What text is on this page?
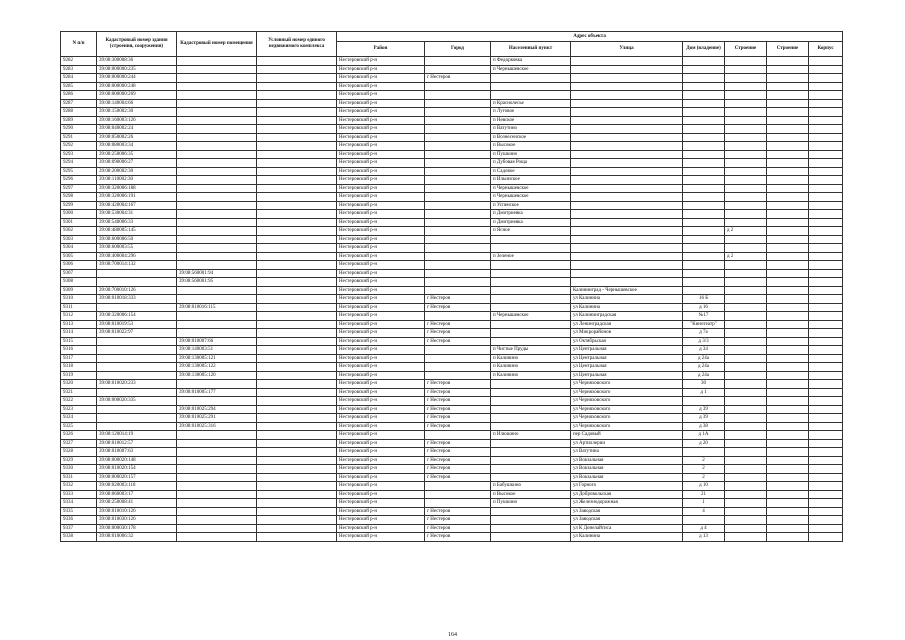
N п/п	Кадастровый номер здания (строения, сооружения)	Кадастровый номер помещения	Условный номер единого недвижимого комплекса	Адрес объекта							
				Район	Город	Населенный пункт	Улица	Дом (владение)	Строение	Строение	Корпус
9282	39:08:300008:36			Нестеровский р-н		п Федорковка					
9283	39:08:000000:235			Нестеровский р-н		п Чернышевское					
9284	39:08:000000:244			Нестеровский р-н	г Нестеров						
9285	39:08:000000:248			Нестеровский р-н							
9286	39:08:000000:269			Нестеровский р-н							
9287	39:08:140004:66			Нестеровский р-н		п Краснолесье					
9288	39:08:150002:30			Нестеровский р-н		п Луговое					
9289	39:08:160003:126			Нестеровский р-н		п Невское					
9290	39:08:040002:24			Нестеровский р-н		п Ватутино					
9291	39:08:050002:26			Нестеровский р-н		п Вознесенское					
9292	39:08:080003:34			Нестеровский р-н		п Высокое					
9293	39:08:250006:35			Нестеровский р-н		п Пушкино					
9294	39:08:090006:27			Нестеровский р-н		п Дубовая Роща					
9295	39:08:200002:30			Нестеровский р-н		п Садовое					
9296	39:08:110002:30			Нестеровский р-н		п Ильинское					
9297	39:08:320006:188			Нестеровский р-н		п Чернышевское					
9298	39:08:320006:191			Нестеровский р-н		п Чернышевское					
9299	39:08:420004:167			Нестеровский р-н		п Успенское					
9300	39:08:530004:31			Нестеровский р-н		п Дмитриевка					
9301	39:08:540006:33			Нестеровский р-н		п Дмитриевка					
9302	39:08:480005:145			Нестеровский р-н		п Ясное			д 2		
9303	39:08:600006:50			Нестеровский р-н							
9304	39:08:600003:55			Нестеровский р-н							
9305	39:08:400004:296			Нестеровский р-н		п Зеленое			д 2		
9306	39:08:700014:132			Нестеровский р-н							
9307		39:08:560001:94		Нестеровский р-н							
9308		39:08:560001:95		Нестеровский р-н							
9309	39:08:700010:126			Нестеровский р-н			Калининград - Чернышевское				
9310	39:08:010018:333			Нестеровский р-н	г Нестеров		ул Калинина	16 Б			
9311		39:08:010016:115		Нестеровский р-н	г Нестеров		ул Калинина	д 16			
9312	39:08:320006:154			Нестеровский р-н		п Чернышевское	ул Калининградская	№17			
9313	39:08:010019:53			Нестеровский р-н	г Нестеров		ул Ленинградская	"Кинотеатр"			
9314	39:08:010022:97			Нестеровский р-н	г Нестеров		ул Микрорайонов	д 7а			
9315		39:08:010007:66		Нестеровский р-н	г Нестеров		ул Октябрьская	д 3/3			
9316		39:08:140003:51		Нестеровский р-н		п Чистые Пруды	ул Центральная	д 34			
9317		39:08:130005:121		Нестеровский р-н		п Калинино	ул Центральная	д 24а			
9318		39:08:130005:122		Нестеровский р-н		п Калинино	ул Центральная	д 24а			
9319		39:08:130005:120		Нестеровский р-н		п Калинино	ул Центральная	д 24а			
9320	39:08:010020:233			Нестеровский р-н	г Нестеров		ул Черняховского	30			
9321		39:08:010005:177		Нестеровский р-н	г Нестеров		ул Черняховского	д 1			
9322	39:08:000020:335			Нестеровский р-н	г Нестеров		ул Черняховского				
9323		39:08:010025:294		Нестеровский р-н	г Нестеров		ул Черняховского	д 39			
9324		39:08:010025:291		Нестеровский р-н	г Нестеров		ул Черняховского	д 39			
9325		39:08:010025:316		Нестеровский р-н	г Нестеров		ул Черняховского	д 38			
9326	39:08:120014:19			Нестеровский р-н		п Илюшино	пер Садовый	д 1А			
9327	39:08:010012:57			Нестеровский р-н	г Нестеров		ул Артиллерии	д 20			
9328	39:08:010007:63			Нестеровский р-н	г Нестеров		ул Ватутина				
9329	39:08:000020:148			Нестеровский р-н	г Нестеров		ул Вокзальная	2			
9330	39:08:010020:154			Нестеровский р-н	г Нестеров		ул Вокзальная	2			
9331	39:08:000020:157			Нестеровский р-н	г Нестеров		ул Вокзальная	2			
9332	39:08:020003:118			Нестеровский р-н		п Бабушкино	ул Горного	д 10			
9333	39:08:060003:17			Нестеровский р-н		п Высокое	ул Добровольская	21			
9334	39:08:250008:41			Нестеровский р-н		п Пушкино	ул Железнодорожная	1			
9335	39:08:010010:126			Нестеровский р-н	г Нестеров		ул Заводская	4			
9336	39:08:010030:126			Нестеровский р-н	г Нестеров		ул Заводская				
9337	39:08:000030:178			Нестеровский р-н	г Нестеров		ул К Донелайтиса	д 4			
9338	39:08:010006:32			Нестеровский р-н	г Нестеров		ул Калинина	д 13			
164
